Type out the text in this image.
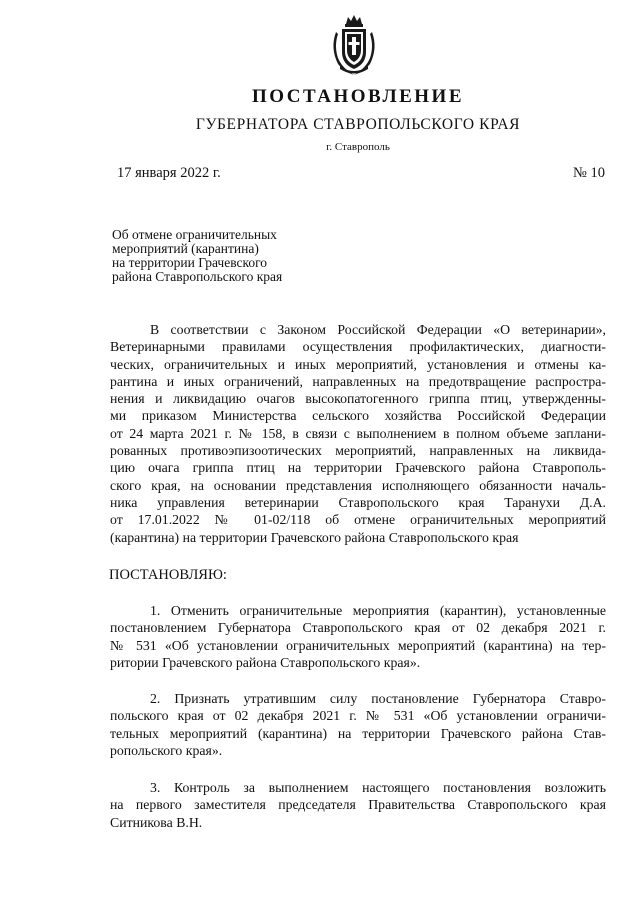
ПОСТАНОВЛЕНИЕ
ГУБЕРНАТОРА СТАВРОПОЛЬСКОГО КРАЯ
г. Ставрополь
17 января 2022 г.	№ 10
Об отмене ограничительных
мероприятий (карантина)
на территории Грачевского
района Ставропольского края
В соответствии с Законом Российской Федерации «О ветеринарии»,
Ветеринарными правилами осуществления профилактических, диагности-
ческих, ограничительных и иных мероприятий, установления и отмены ка-
рантина и иных ограничений, направленных на предотвращение распростра-
нения и ликвидацию очагов высокопатогенного гриппа птиц, утвержденны-
ми приказом Министерства сельского хозяйства Российской Федерации
от 24 марта 2021 г. № 158, в связи с выполнением в полном объеме заплани-
рованных противоэпизоотических мероприятий, направленных на ликвида-
цию очага гриппа птиц на территории Грачевского района Ставрополь-
ского края, на основании представления исполняющего обязанности началь-
ника управления ветеринарии Ставропольского края Таранухи Д.А.
от 17.01.2022 № 01-02/118 об отмене ограничительных мероприятий
(карантина) на территории Грачевского района Ставропольского края
ПОСТАНОВЛЯЮ:
1. Отменить ограничительные мероприятия (карантин), установленные
постановлением Губернатора Ставропольского края от 02 декабря 2021 г.
№ 531 «Об установлении ограничительных мероприятий (карантина) на тер-
ритории Грачевского района Ставропольского края».
2. Признать утратившим силу постановление Губернатора Ставро-
польского края от 02 декабря 2021 г. № 531 «Об установлении ограничи-
тельных мероприятий (карантина) на территории Грачевского района Став-
ропольского края».
3. Контроль за выполнением настоящего постановления возложить
на первого заместителя председателя Правительства Ставропольского края
Ситникова В.Н.
